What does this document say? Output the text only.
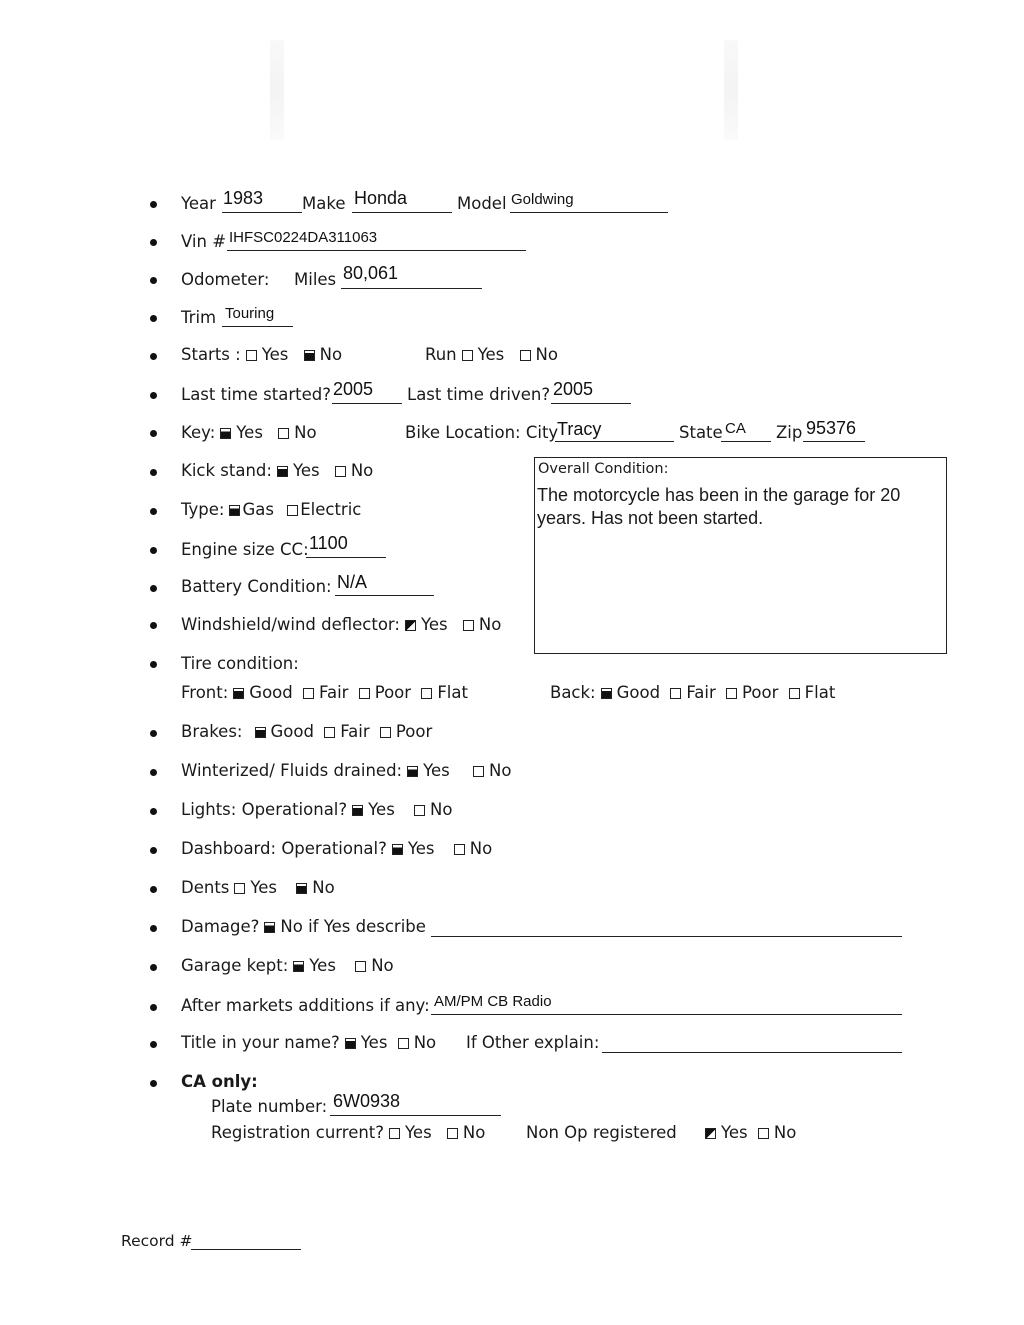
Year 1983 Make Honda	Model Goldwing
Vin # IHFSC0224DA311063
Odometer: Miles 80,061
Trim Touring
Starts : Yes No	Run Yes No
Last time started? 2005 Last time driven? 2005
Key: Yes No	Bike Location: City
Tracy	State CA Zip 95376
Overall Condition:
The motorcycle has been in the garage for 20 years. Has not been started.
Kick stand: Yes No
Type: Gas Electric
Engine size CC: 1100
Battery Condition: N/A
Windshield/wind deflector: Yes No
Tire condition:
Front: Good Fair Poor Flat	Back: Good Fair Poor Flat
Brakes: Good Fair Poor
Winterized/ Fluids drained: Yes No
Lights: Operational? Yes No
Dashboard: Operational? Yes No
Dents Yes No
Damage? No if Yes describe
Garage kept: Yes No
After markets additions if any: AM/PM CB Radio
Title in your name? Yes No If Other explain:
CA only:
Plate number: 6W0938
Registration current? Yes No Non Op registered	Yes No
Record #
